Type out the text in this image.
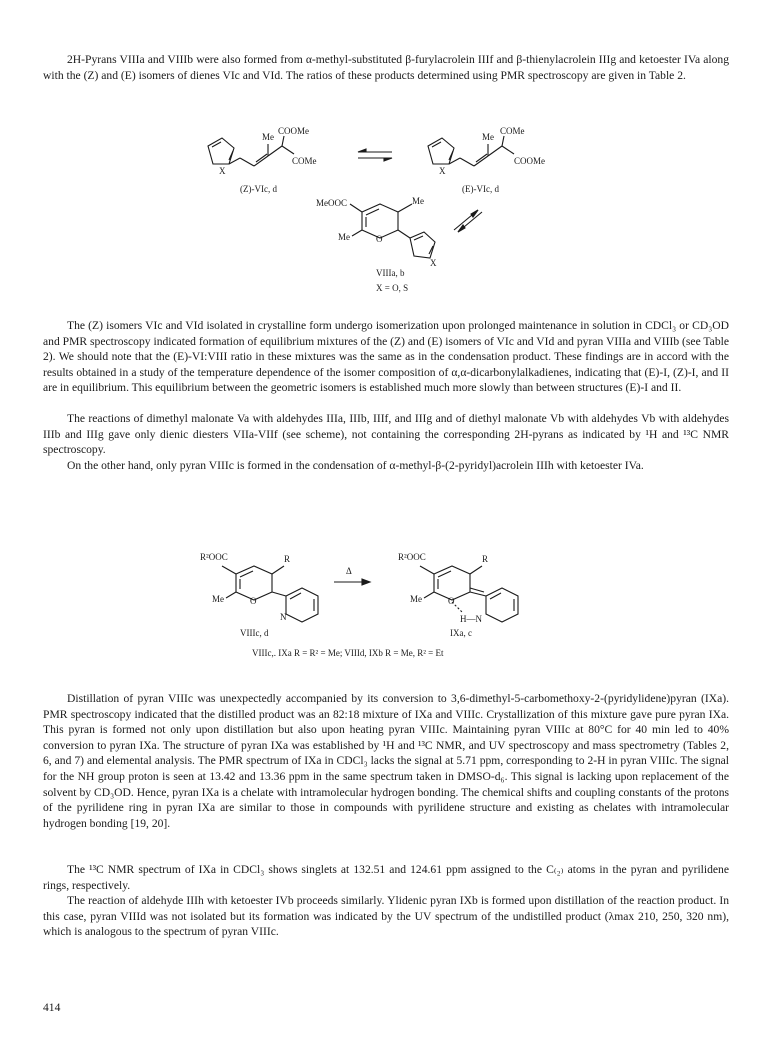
2H-Pyrans VIIIa and VIIIb were also formed from α-methyl-substituted β-furylacrolein IIIf and β-thienylacrolein IIIg and ketoester IVa along with the (Z) and (E) isomers of dienes VIc and VId. The ratios of these products determined using PMR spectroscopy are given in Table 2.

X
Me
COOMe
COMe
(Z)-VIc, d
X
Me
COMe
COOMe
(E)-VIc, d
MeOOC	Me
Me	O
X
VIIIa, b
X = O, S

The (Z) isomers VIc and VId isolated in crystalline form undergo isomerization upon prolonged maintenance in solution in CDCl₃ or CD₃OD and PMR spectroscopy indicated formation of equilibrium mixtures of the (Z) and (E) isomers of VIc and VId and pyran VIIIa and VIIIb (see Table 2). We should note that the (E)-VI:VIII ratio in these mixtures was the same as in the condensation product. These findings are in accord with the results obtained in a study of the temperature dependence of the isomer composition of α,α-dicarbonylalkadienes, indicating that (E)-I, (Z)-I, and II are in equilibrium. This equilibrium between the geometric isomers is established much more slowly than between structures (E)-I and II.

The reactions of dimethyl malonate Va with aldehydes IIIa, IIIb, IIIf, and IIIg and of diethyl malonate Vb with aldehydes Vb with aldehydes IIIb and IIIg gave only dienic diesters VIIa-VIIf (see scheme), not containing the corresponding 2H-pyrans as indicated by ¹H and ¹³C NMR spectroscopy.

On the other hand, only pyran VIIIc is formed in the condensation of α-methyl-β-(2-pyridyl)acrolein IIIh with ketoester IVa.

R²OOC	R
Me	O
N
VIIIc, d
Δ
R²OOC	R
Me	O
H—N
IXa, c
VIIIc,. IXa R = R² = Me; VIIId, IXb R = Me, R² = Et

Distillation of pyran VIIIc was unexpectedly accompanied by its conversion to 3,6-dimethyl-5-carbomethoxy-2-(pyridylidene)pyran (IXa). PMR spectroscopy indicated that the distilled product was an 82:18 mixture of IXa and VIIIc. Crystallization of this mixture gave pure pyran IXa. This pyran is formed not only upon distillation but also upon heating pyran VIIIc. Maintaining pyran VIIIc at 80°C for 40 min led to 40% conversion to pyran IXa. The structure of pyran IXa was established by ¹H and ¹³C NMR, and UV spectroscopy and mass spectrometry (Tables 2, 6, and 7) and elemental analysis. The PMR spectrum of IXa in CDCl₃ lacks the signal at 5.71 ppm, corresponding to 2-H in pyran VIIIc. The signal for the NH group proton is seen at 13.42 and 13.36 ppm in the same spectrum taken in DMSO-d₆. This signal is lacking upon replacement of the solvent by CD₃OD. Hence, pyran IXa is a chelate with intramolecular hydrogen bonding. The chemical shifts and coupling constants of the protons of the pyrilidene ring in pyran IXa are similar to those in compounds with pyrilidene structure and existing as chelates with intramolecular hydrogen bonding [19, 20].

The ¹³C NMR spectrum of IXa in CDCl₃ shows singlets at 132.51 and 124.61 ppm assigned to the C₍₂₎ atoms in the pyran and pyrilidene rings, respectively.

The reaction of aldehyde IIIh with ketoester IVb proceeds similarly. Ylidenic pyran IXb is formed upon distillation of the reaction product. In this case, pyran VIIId was not isolated but its formation was indicated by the UV spectrum of the undistilled product (λmax 210, 250, 320 nm), which is analogous to the spectrum of pyran VIIIc.

414
